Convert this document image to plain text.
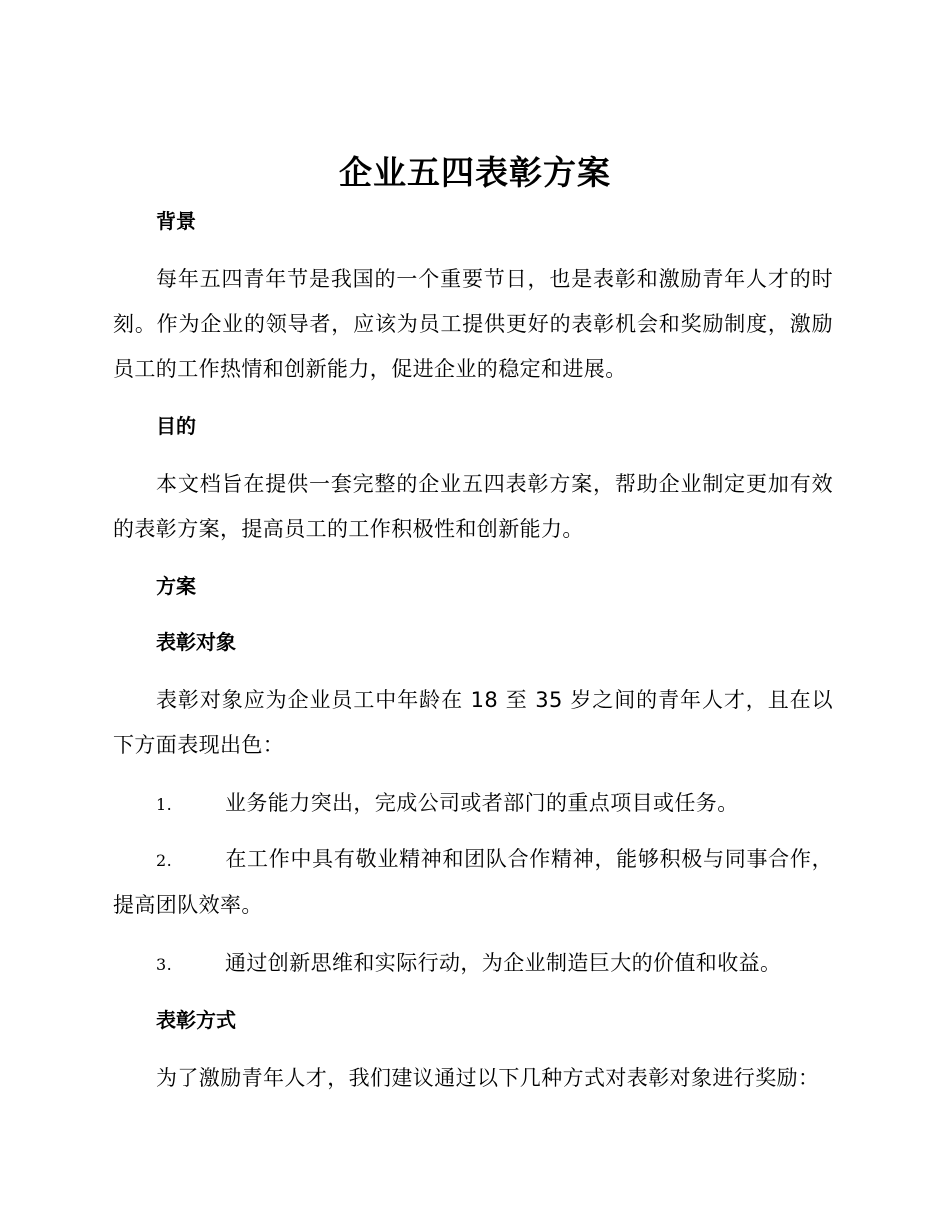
企业五四表彰方案
背景
每年五四青年节是我国的一个重要节日，也是表彰和激励青年人才的时刻。作为企业的领导者，应该为员工提供更好的表彰机会和奖励制度，激励员工的工作热情和创新能力，促进企业的稳定和进展。
目的
本文档旨在提供一套完整的企业五四表彰方案，帮助企业制定更加有效的表彰方案，提高员工的工作积极性和创新能力。
方案
表彰对象
表彰对象应为企业员工中年龄在 18 至 35 岁之间的青年人才，且在以下方面表现出色：
1.	业务能力突出，完成公司或者部门的重点项目或任务。
2.	在工作中具有敬业精神和团队合作精神，能够积极与同事合作，提高团队效率。
3.	通过创新思维和实际行动，为企业制造巨大的价值和收益。
表彰方式
为了激励青年人才，我们建议通过以下几种方式对表彰对象进行奖励：
